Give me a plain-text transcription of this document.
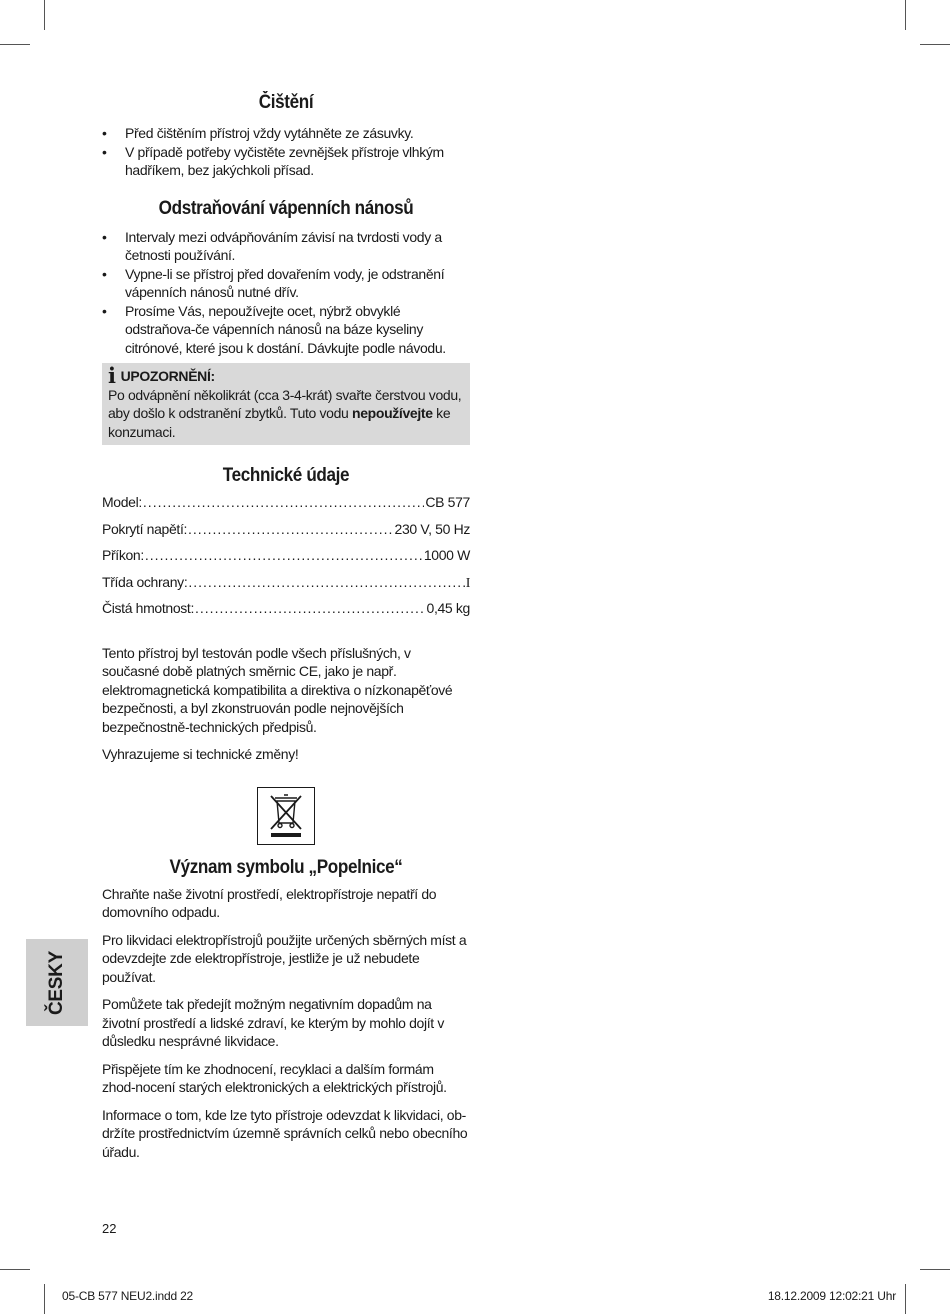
Čištění
• Před čištěním přístroj vždy vytáhněte ze zásuvky.
• V případě potřeby vyčistěte zevnějšek přístroje vlhkým hadříkem, bez jakýchkoli přísad.
Odstraňování vápenních nánosů
• Intervaly mezi odvápňováním závisí na tvrdosti vody a četnosti používání.
• Vypne-li se přístroj před dovařením vody, je odstranění vápenních nánosů nutné dřív.
• Prosíme Vás, nepoužívejte ocet, nýbrž obvyklé odstraňova-če vápenních nánosů na báze kyseliny citrónové, které jsou k dostání. Dávkujte podle návodu.
i UPOZORNĚNÍ:
Po odvápnění několikrát (cca 3-4-krát) svařte čerstvou vodu, aby došlo k odstranění zbytků. Tuto vodu nepoužívejte ke konzumaci.
Technické údaje
Model: .....	CB 577
Pokrytí napětí: .....	230 V, 50 Hz
Příkon: .....	1000 W
Třída ochrany: .....	I
Čistá hmotnost: .....	0,45 kg

Tento přístroj byl testován podle všech příslušných, v současné době platných směrnic CE, jako je např. elektromagnetická kompatibilita a direktiva o nízkonapěťové bezpečnosti, a byl zkonstruován podle nejnovějších bezpečnostně-technických předpisů.

Vyhrazujeme si technické změny!

Význam symbolu „Popelnice“

Chraňte naše životní prostředí, elektropřístroje nepatří do domovního odpadu.

Pro likvidaci elektropřístrojů použijte určených sběrných míst a odevzdejte zde elektropřístroje, jestliže je už nebudete používat.

Pomůžete tak předejít možným negativním dopadům na životní prostředí a lidské zdraví, ke kterým by mohlo dojít v důsledku nesprávné likvidace.

Přispějete tím ke zhodnocení, recyklaci a dalším formám zhod-nocení starých elektronických a elektrických přístrojů.

Informace o tom, kde lze tyto přístroje odevzdat k likvidaci, ob-držíte prostřednictvím územně správních celků nebo obecního úřadu.

ČESKY
22
05-CB 577 NEU2.indd 22	18.12.2009 12:02:21 Uhr
